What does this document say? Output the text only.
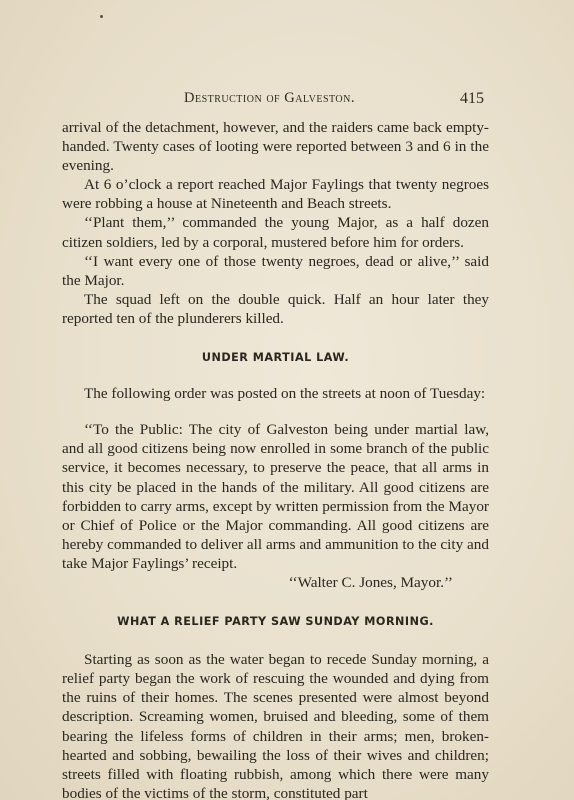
Destruction of Galveston.	415

arrival of the detachment, however, and the raiders came back empty-handed. Twenty cases of looting were reported between 3 and 6 in the evening.

At 6 o’clock a report reached Major Faylings that twenty negroes were robbing a house at Nineteenth and Beach streets.

‘‘Plant them,’’ commanded the young Major, as a half dozen citizen soldiers, led by a corporal, mustered before him for orders.

‘‘I want every one of those twenty negroes, dead or alive,’’ said the Major.

The squad left on the double quick. Half an hour later they reported ten of the plunderers killed.

UNDER MARTIAL LAW.

The following order was posted on the streets at noon of Tuesday:

‘‘To the Public: The city of Galveston being under martial law, and all good citizens being now enrolled in some branch of the public service, it becomes necessary, to preserve the peace, that all arms in this city be placed in the hands of the military. All good citizens are forbidden to carry arms, except by written permission from the Mayor or Chief of Police or the Major commanding. All good citizens are hereby commanded to deliver all arms and ammunition to the city and take Major Faylings’ receipt.

‘‘Walter C. Jones, Mayor.’’

WHAT A RELIEF PARTY SAW SUNDAY MORNING.

Starting as soon as the water began to recede Sunday morning, a relief party began the work of rescuing the wounded and dying from the ruins of their homes. The scenes presented were almost beyond description. Screaming women, bruised and bleeding, some of them bearing the lifeless forms of children in their arms; men, broken-hearted and sobbing, bewailing the loss of their wives and children; streets filled with floating rubbish, among which there were many bodies of the victims of the storm, constituted part
